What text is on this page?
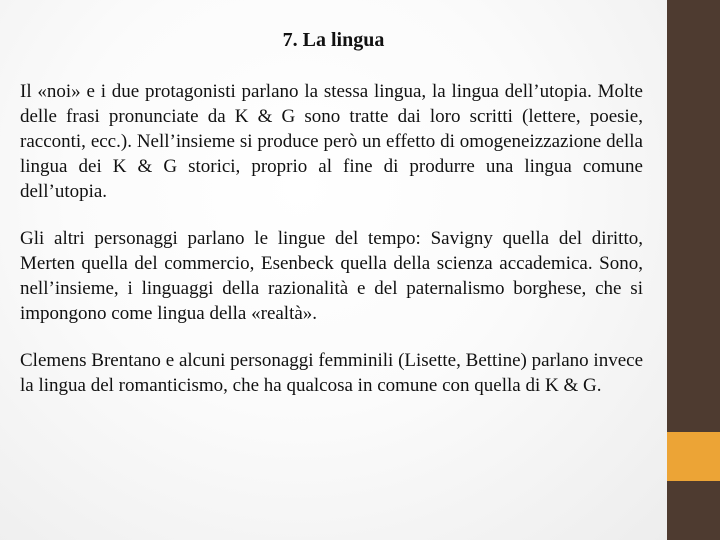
7. La lingua

Il «noi» e i due protagonisti parlano la stessa lingua, la lingua dell’utopia. Molte delle frasi pronunciate da K & G sono tratte dai loro scritti (lettere, poesie, racconti, ecc.). Nell’insieme si produce però un effetto di omogeneizzazione della lingua dei K & G storici, proprio al fine di produrre una lingua comune dell’utopia.

Gli altri personaggi parlano le lingue del tempo: Savigny quella del diritto, Merten quella del commercio, Esenbeck quella della scienza accademica. Sono, nell’insieme, i linguaggi della razionalità e del paternalismo borghese, che si impongono come lingua della «realtà».

Clemens Brentano e alcuni personaggi femminili (Lisette, Bettine) parlano invece la lingua del romanticismo, che ha qualcosa in comune con quella di K & G.
